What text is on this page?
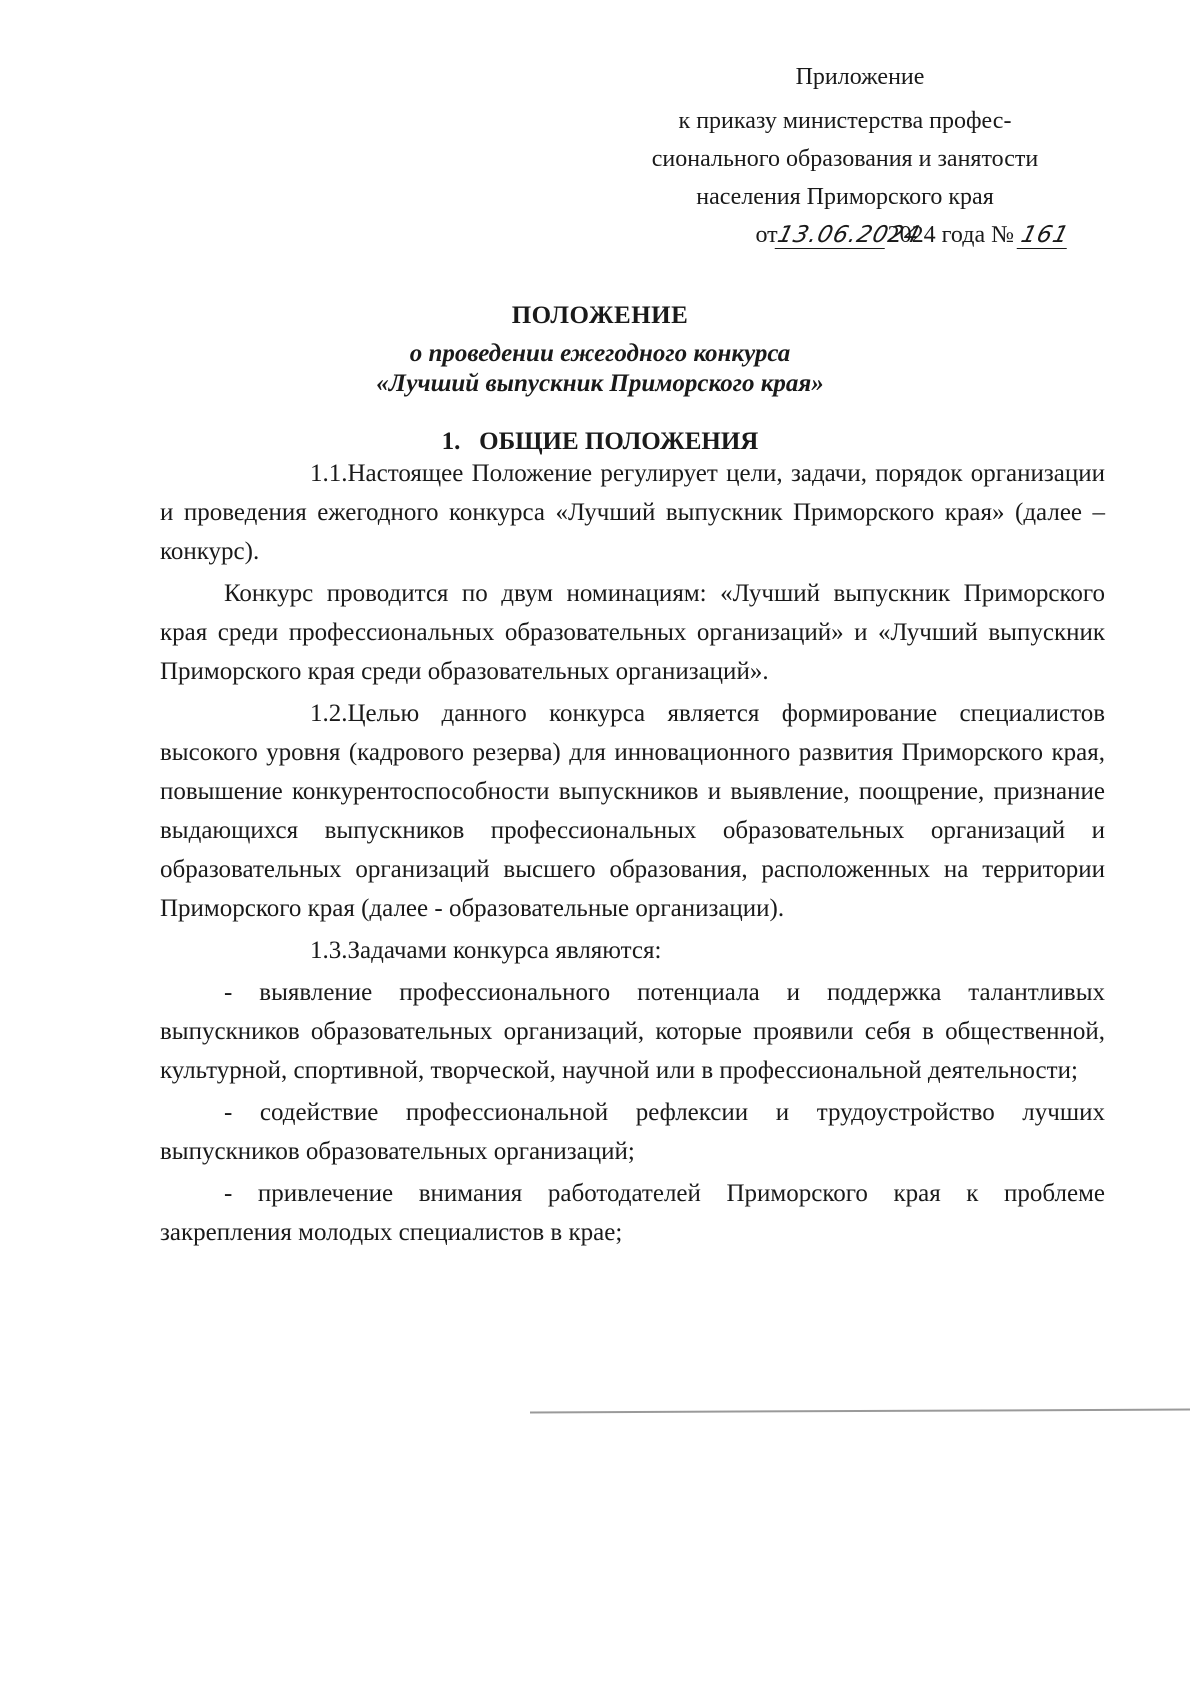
Приложение
к приказу министерства профес-
сионального образования и занятости
населения Приморского края
от13.06.20242024 года № 161
ПОЛОЖЕНИЕ
о проведении ежегодного конкурса
«Лучший выпускник Приморского края»
1.   ОБЩИЕ ПОЛОЖЕНИЯ

1.1.Настоящее Положение регулирует цели, задачи, порядок организации и проведения ежегодного конкурса «Лучший выпускник Приморского края» (далее – конкурс).

Конкурс проводится по двум номинациям: «Лучший выпускник Приморского края среди профессиональных образовательных организаций» и «Лучший выпускник Приморского края среди образовательных организаций».

1.2.Целью данного конкурса является формирование специалистов высокого уровня (кадрового резерва) для инновационного развития Приморского края, повышение конкурентоспособности выпускников и выявление, поощрение, признание выдающихся выпускников профессиональных образовательных организаций и образовательных организаций высшего образования, расположенных на территории Приморского края (далее - образовательные организации).

1.3.Задачами конкурса являются:

- выявление профессионального потенциала и поддержка талантливых выпускников образовательных организаций, которые проявили себя в общественной, культурной, спортивной, творческой, научной или в профессиональной деятельности;

- содействие профессиональной рефлексии и трудоустройство лучших выпускников образовательных организаций;

- привлечение внимания работодателей Приморского края к проблеме закрепления молодых специалистов в крае;
